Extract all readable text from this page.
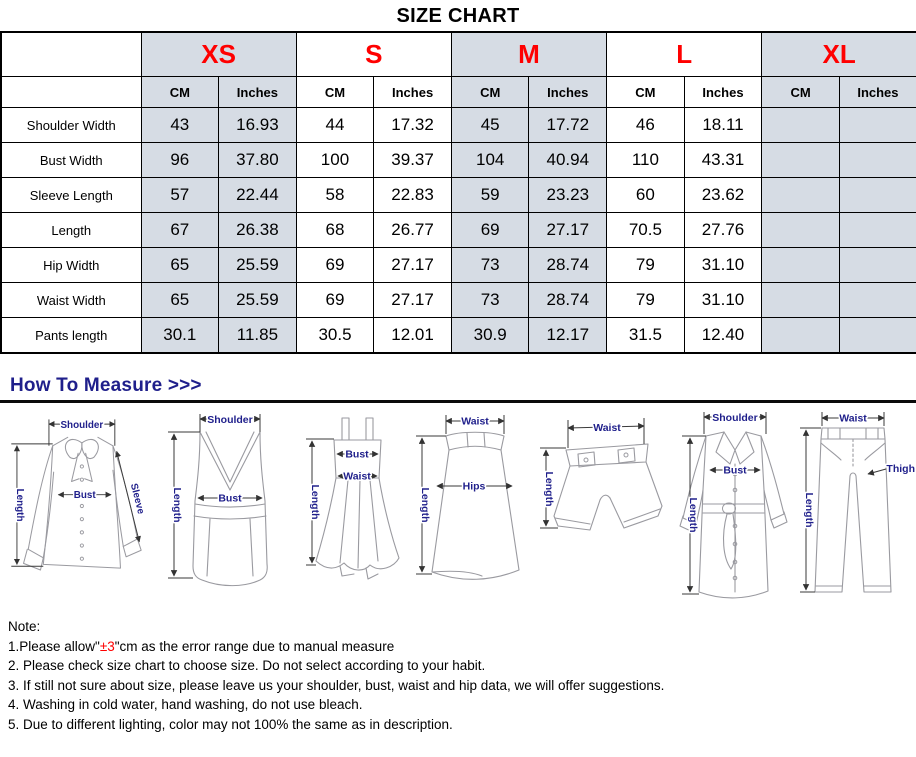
SIZE CHART
	XS		S		M		L		XL	
	CM	Inches	CM	Inches	CM	Inches	CM	Inches	CM	Inches
Shoulder Width	43	16.93	44	17.32	45	17.72	46	18.11		
Bust Width	96	37.80	100	39.37	104	40.94	110	43.31		
Sleeve Length	57	22.44	58	22.83	59	23.23	60	23.62		
Length	67	26.38	68	26.77	69	27.17	70.5	27.76		
Hip Width	65	25.59	69	27.17	73	28.74	79	31.10		
Waist Width	65	25.59	69	27.17	73	28.74	79	31.10		
Pants length	30.1	11.85	30.5	12.01	30.9	12.17	31.5	12.40		
How To Measure >>>
Shoulder
Bust	Sleeve
Length
Shoulder
Bust
Length
Bust
Waist
Length
Waist
Hips
Length
Waist
Length
Shoulder
Bust
Length
Waist
Thigh
Length
Note:
1.Please allow"±3"cm as the error range due to manual measure
2. Please check size chart to choose size. Do not select according to your habit.
3. If still not sure about size, please leave us your shoulder, bust, waist and hip data, we will offer suggestions.
4. Washing in cold water, hand washing, do not use bleach.
5. Due to different lighting, color may not 100% the same as in description.
